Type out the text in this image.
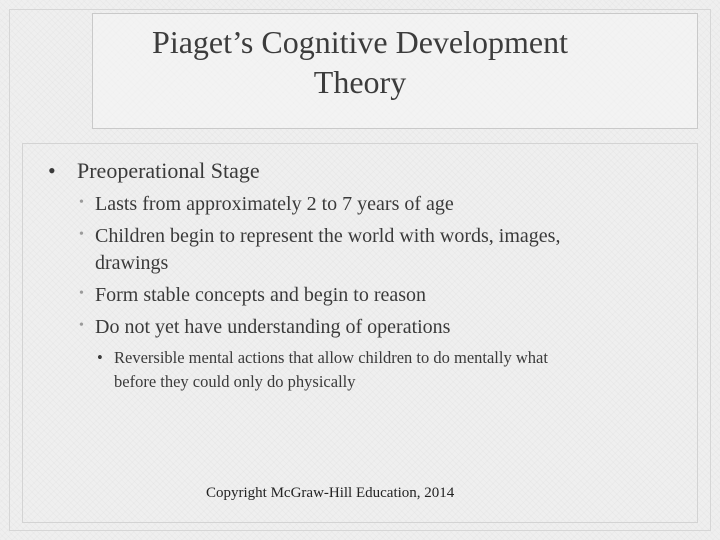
Piaget’s Cognitive Development
Theory
• Preoperational Stage
• Lasts from approximately 2 to 7 years of age
• Children begin to represent the world with words, images,
drawings
• Form stable concepts and begin to reason
• Do not yet have understanding of operations
• Reversible mental actions that allow children to do mentally what
before they could only do physically
Copyright McGraw-Hill Education, 2014
